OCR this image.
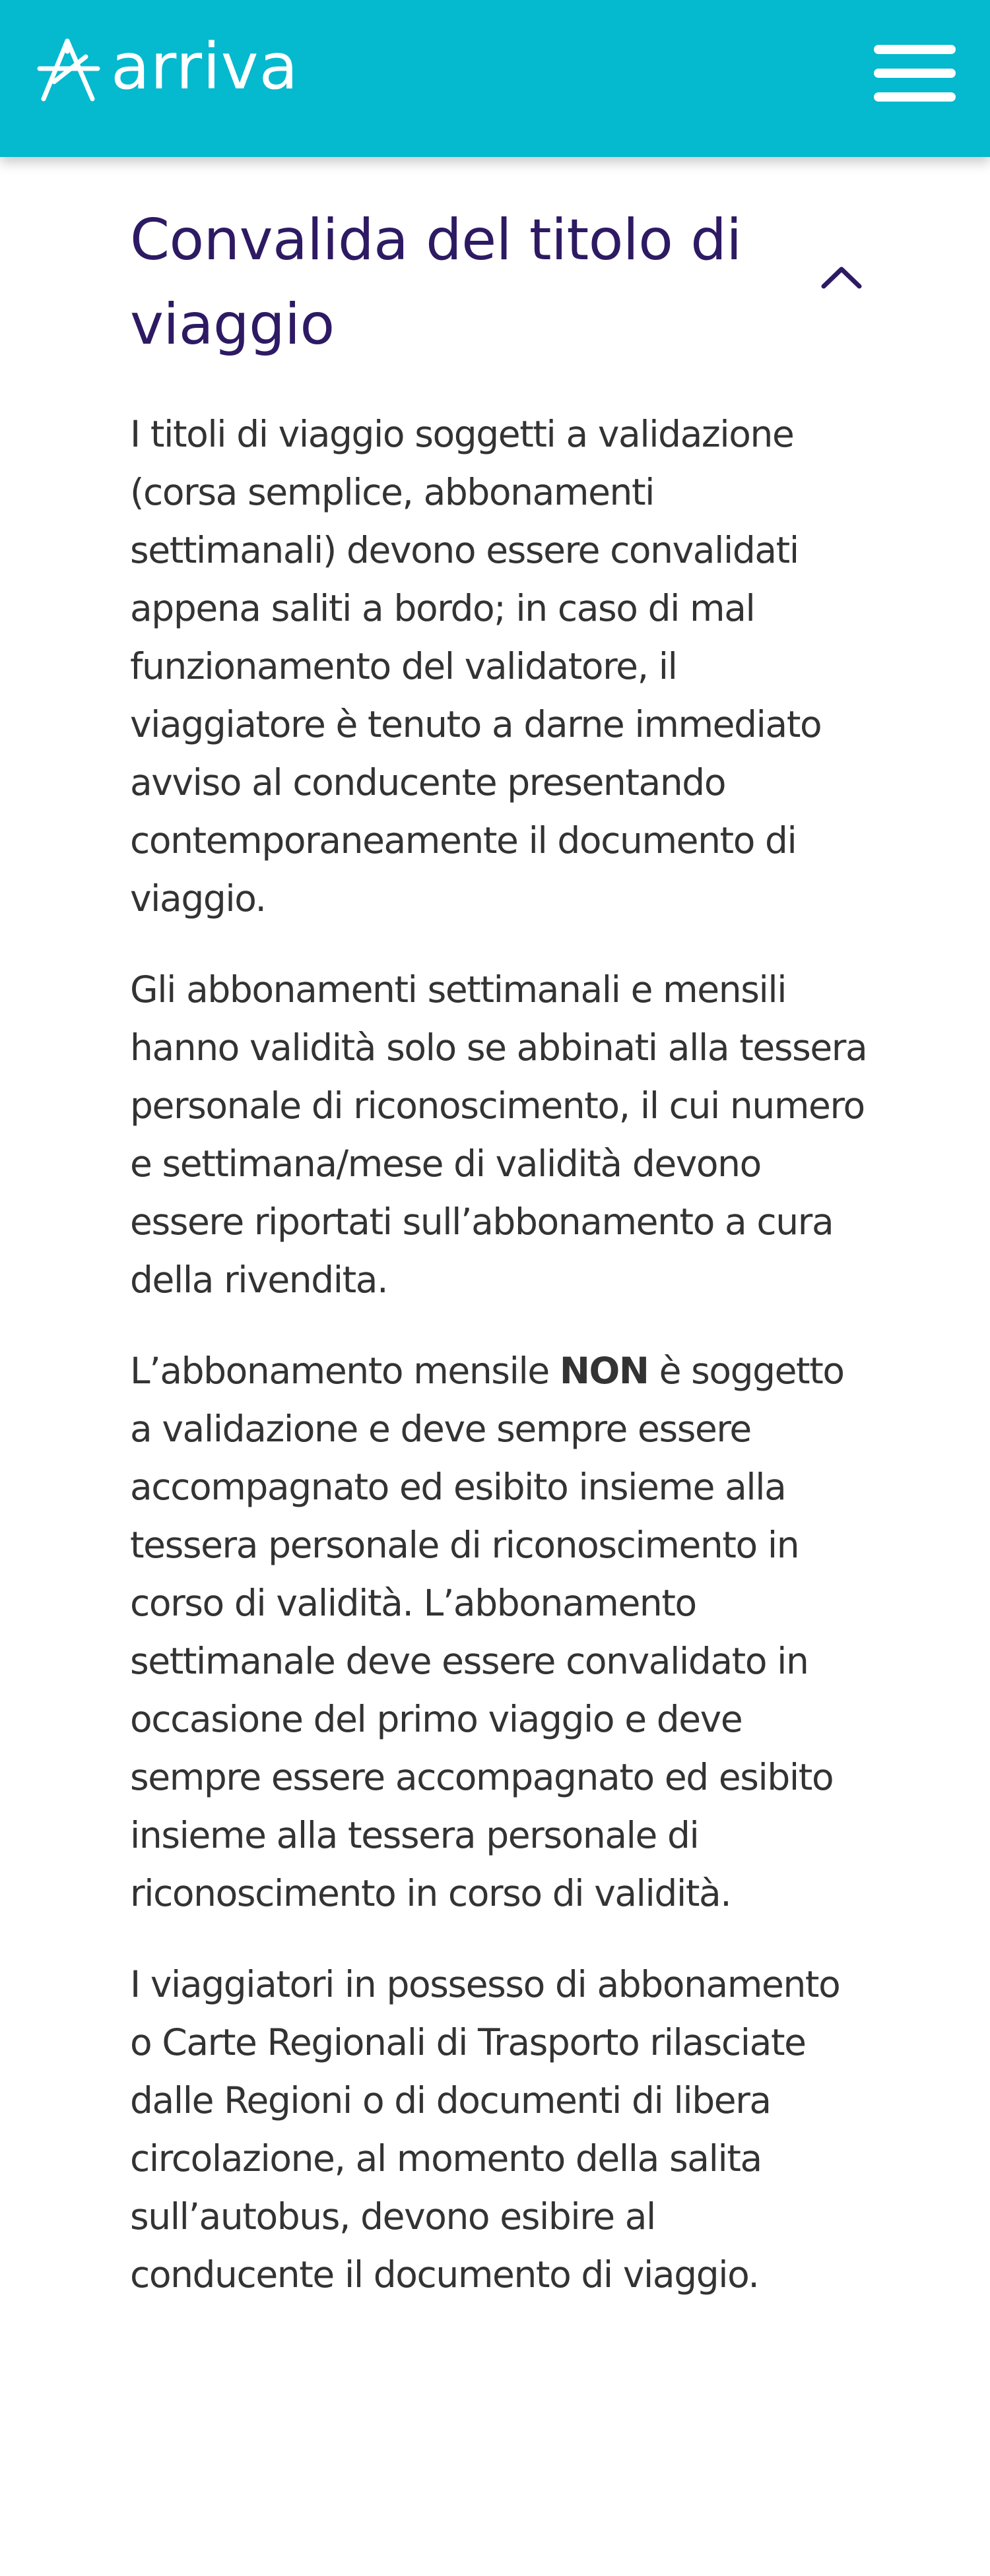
arriva
Convalida del titolo di viaggio

I titoli di viaggio soggetti a validazione (corsa semplice, abbonamenti settimanali) devono essere convalidati appena saliti a bordo; in caso di mal funzionamento del validatore, il viaggiatore è tenuto a darne immediato avviso al conducente presentando contemporaneamente il documento di viaggio.

Gli abbonamenti settimanali e mensili hanno validità solo se abbinati alla tessera personale di riconoscimento, il cui numero e settimana/mese di validità devono essere riportati sull’abbonamento a cura della rivendita.

L’abbonamento mensile NON è soggetto a validazione e deve sempre essere accompagnato ed esibito insieme alla tessera personale di riconoscimento in corso di validità. L’abbonamento settimanale deve essere convalidato in occasione del primo viaggio e deve sempre essere accompagnato ed esibito insieme alla tessera personale di riconoscimento in corso di validità.

I viaggiatori in possesso di abbonamento o Carte Regionali di Trasporto rilasciate dalle Regioni o di documenti di libera circolazione, al momento della salita sull’autobus, devono esibire al conducente il documento di viaggio.
